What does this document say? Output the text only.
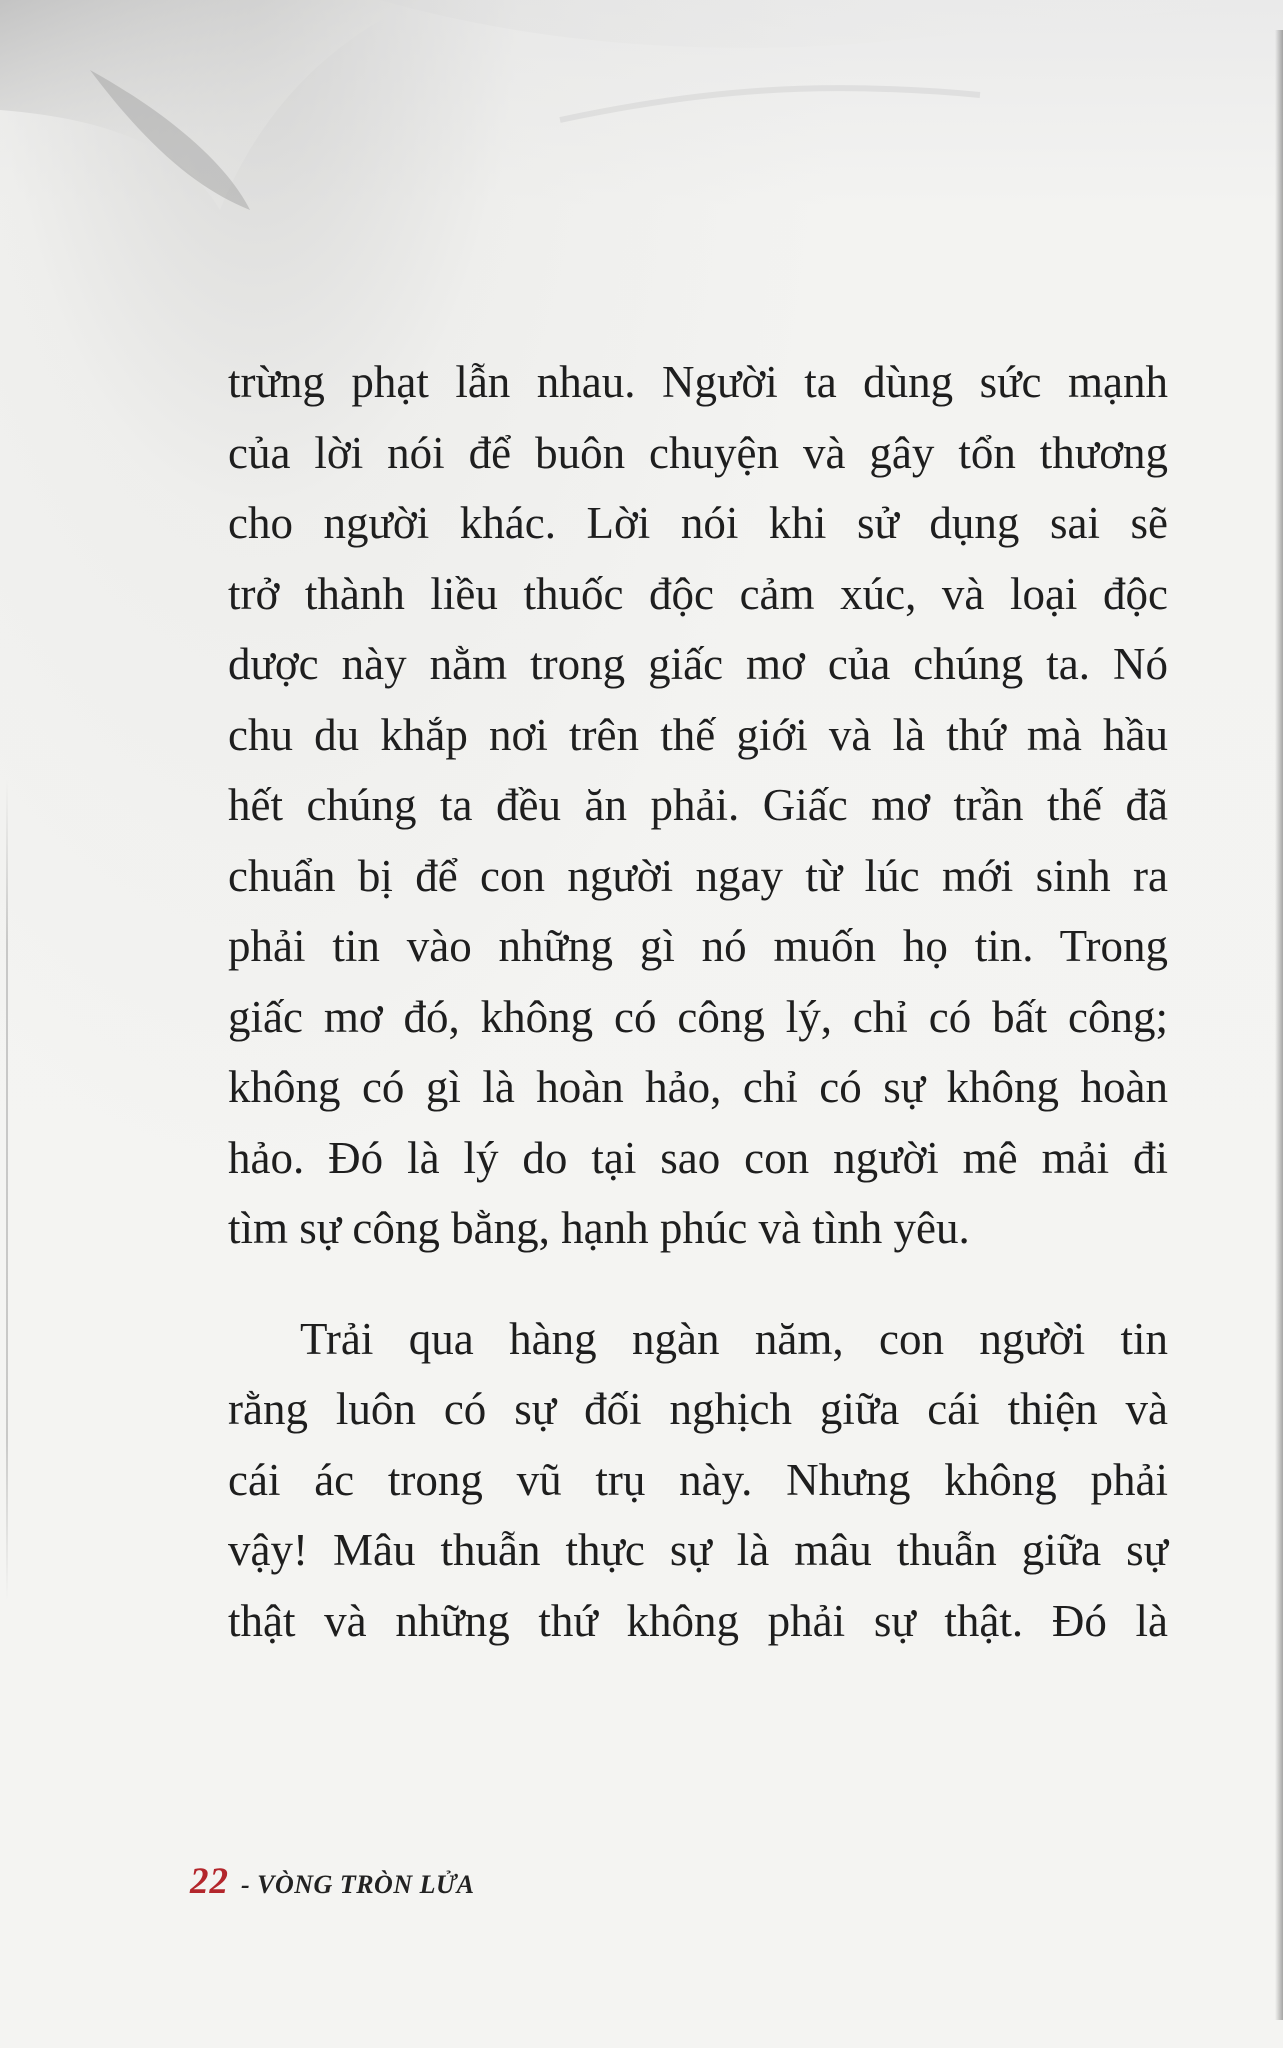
trừng phạt lẫn nhau. Người ta dùng sức mạnh
của lời nói để buôn chuyện và gây tổn thương
cho người khác. Lời nói khi sử dụng sai sẽ
trở thành liều thuốc độc cảm xúc, và loại độc
dược này nằm trong giấc mơ của chúng ta. Nó
chu du khắp nơi trên thế giới và là thứ mà hầu
hết chúng ta đều ăn phải. Giấc mơ trần thế đã
chuẩn bị để con người ngay từ lúc mới sinh ra
phải tin vào những gì nó muốn họ tin. Trong
giấc mơ đó, không có công lý, chỉ có bất công;
không có gì là hoàn hảo, chỉ có sự không hoàn
hảo. Đó là lý do tại sao con người mê mải đi
tìm sự công bằng, hạnh phúc và tình yêu.

Trải qua hàng ngàn năm, con người tin
rằng luôn có sự đối nghịch giữa cái thiện và
cái ác trong vũ trụ này. Nhưng không phải
vậy! Mâu thuẫn thực sự là mâu thuẫn giữa sự
thật và những thứ không phải sự thật. Đó là

22 - VÒNG TRÒN LỬA
